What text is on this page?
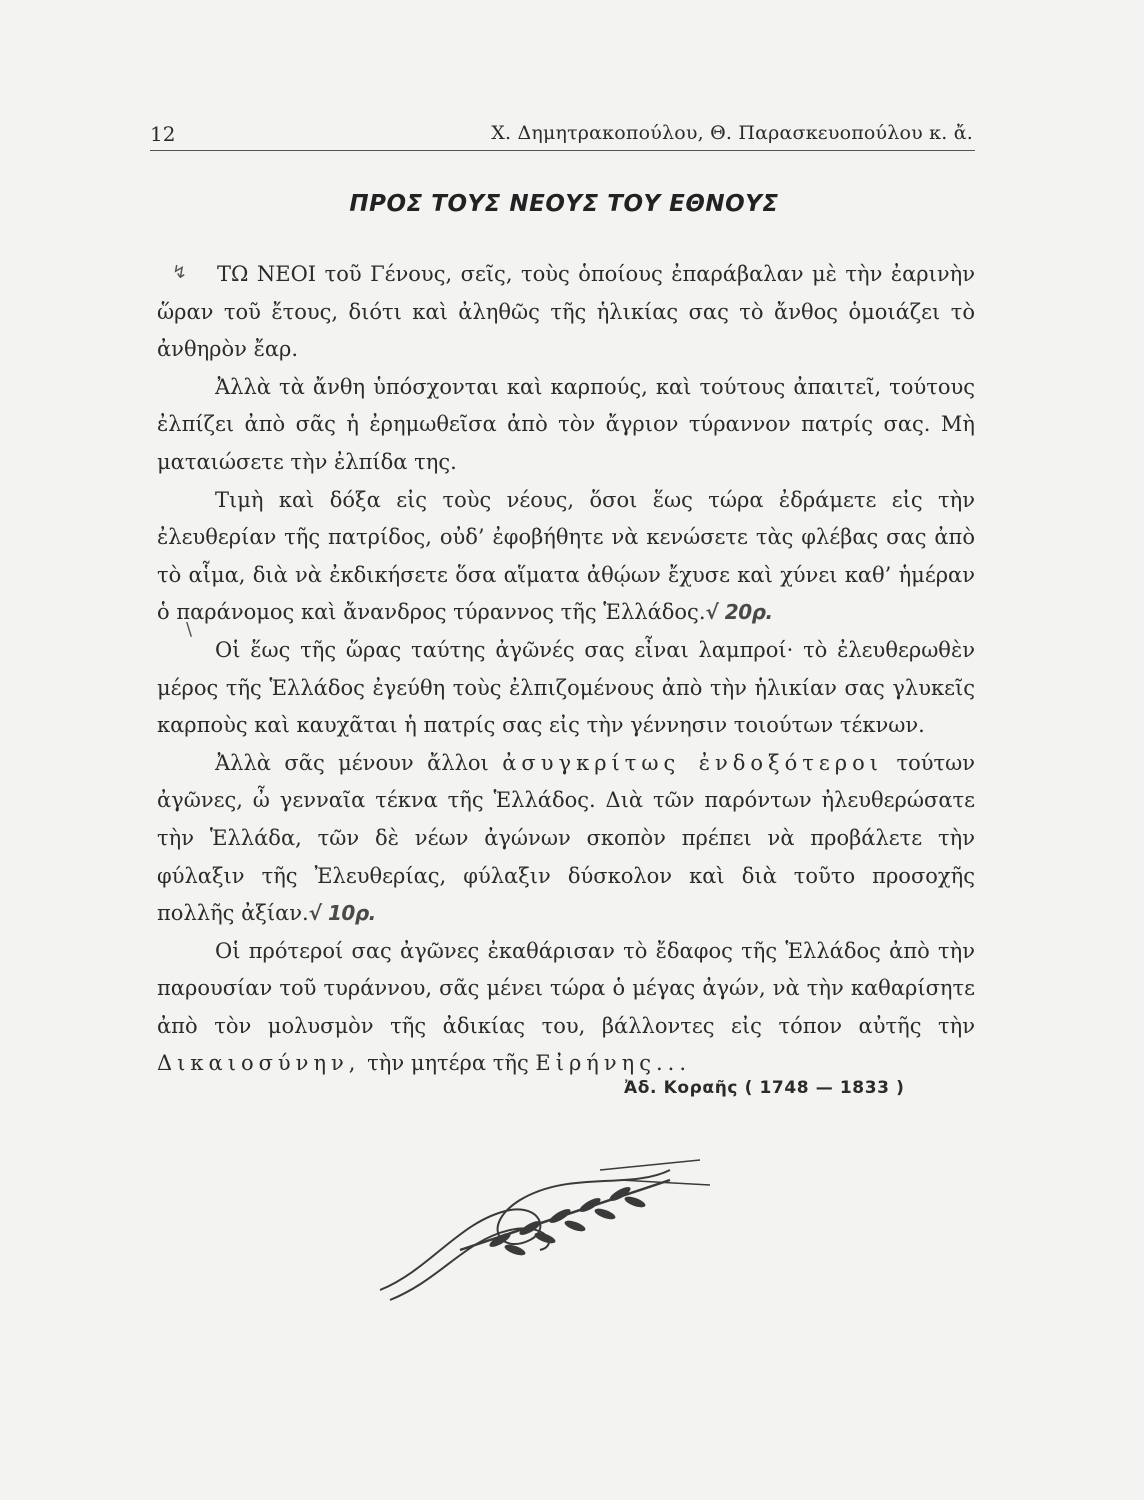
12	Χ. Δημητρακοπούλου, Θ. Παρασκευοπούλου κ. ἄ.
ΠΡΟΣ ΤΟΥΣ ΝΕΟΥΣ ΤΟΥ ΕΘΝΟΥΣ
↯
\

ΤΩ ΝΕΟΙ τοῦ Γένους, σεῖς, τοὺς ὁποίους ἐπαράβαλαν μὲ τὴν ἐαρινὴν ὥραν τοῦ ἔτους, διότι καὶ ἀληθῶς τῆς ἡλικίας σας τὸ ἄνθος ὁμοιάζει τὸ ἀνθηρὸν ἔαρ.

Ἀλλὰ τὰ ἄνθη ὑπόσχονται καὶ καρπούς, καὶ τούτους ἀπαιτεῖ, τούτους ἐλπίζει ἀπὸ σᾶς ἡ ἐρημωθεῖσα ἀπὸ τὸν ἄγριον τύραννον πατρίς σας. Μὴ ματαιώσετε τὴν ἐλπίδα της.

Τιμὴ καὶ δόξα εἰς τοὺς νέους, ὅσοι ἕως τώρα ἐδράμετε εἰς τὴν ἐλευθερίαν τῆς πατρίδος, οὐδ’ ἐφοβήθητε νὰ κενώσετε τὰς φλέβας σας ἀπὸ τὸ αἷμα, διὰ νὰ ἐκδικήσετε ὅσα αἵματα ἀθῴων ἔχυσε καὶ χύνει καθ’ ἡμέραν ὁ παράνομος καὶ ἄνανδρος τύραννος τῆς Ἑλλάδος.√ 20ρ.

Οἱ ἕως τῆς ὥρας ταύτης ἀγῶνές σας εἶναι λαμπροί· τὸ ἐλευθερωθὲν μέρος τῆς Ἑλλάδος ἐγεύθη τοὺς ἐλπιζομένους ἀπὸ τὴν ἡλικίαν σας γλυκεῖς καρποὺς καὶ καυχᾶται ἡ πατρίς σας εἰς τὴν γέννησιν τοιούτων τέκνων.

Ἀλλὰ σᾶς μένουν ἄλλοι ἀσυγκρίτως ἐνδοξότεροι τούτων ἀγῶνες, ὦ γενναῖα τέκνα τῆς Ἑλλάδος. Διὰ τῶν παρόντων ἠλευθερώσατε τὴν Ἑλλάδα, τῶν δὲ νέων ἀγώνων σκοπὸν πρέπει νὰ προβάλετε τὴν φύλαξιν τῆς Ἐλευθερίας, φύλαξιν δύσκολον καὶ διὰ τοῦτο προσοχῆς πολλῆς ἀξίαν.√ 10ρ.

Οἱ πρότεροί σας ἀγῶνες ἐκαθάρισαν τὸ ἔδαφος τῆς Ἑλλάδος ἀπὸ τὴν παρουσίαν τοῦ τυράννου, σᾶς μένει τώρα ὁ μέγας ἀγών, νὰ τὴν καθαρίσητε ἀπὸ τὸν μολυσμὸν τῆς ἀδικίας του, βάλλοντες εἰς τόπον αὐτῆς τὴν Δικαιοσύνην, τὴν μητέρα τῆς Εἰρήνης...

Ἀδ. Κοραῆς ( 1748 — 1833 )
